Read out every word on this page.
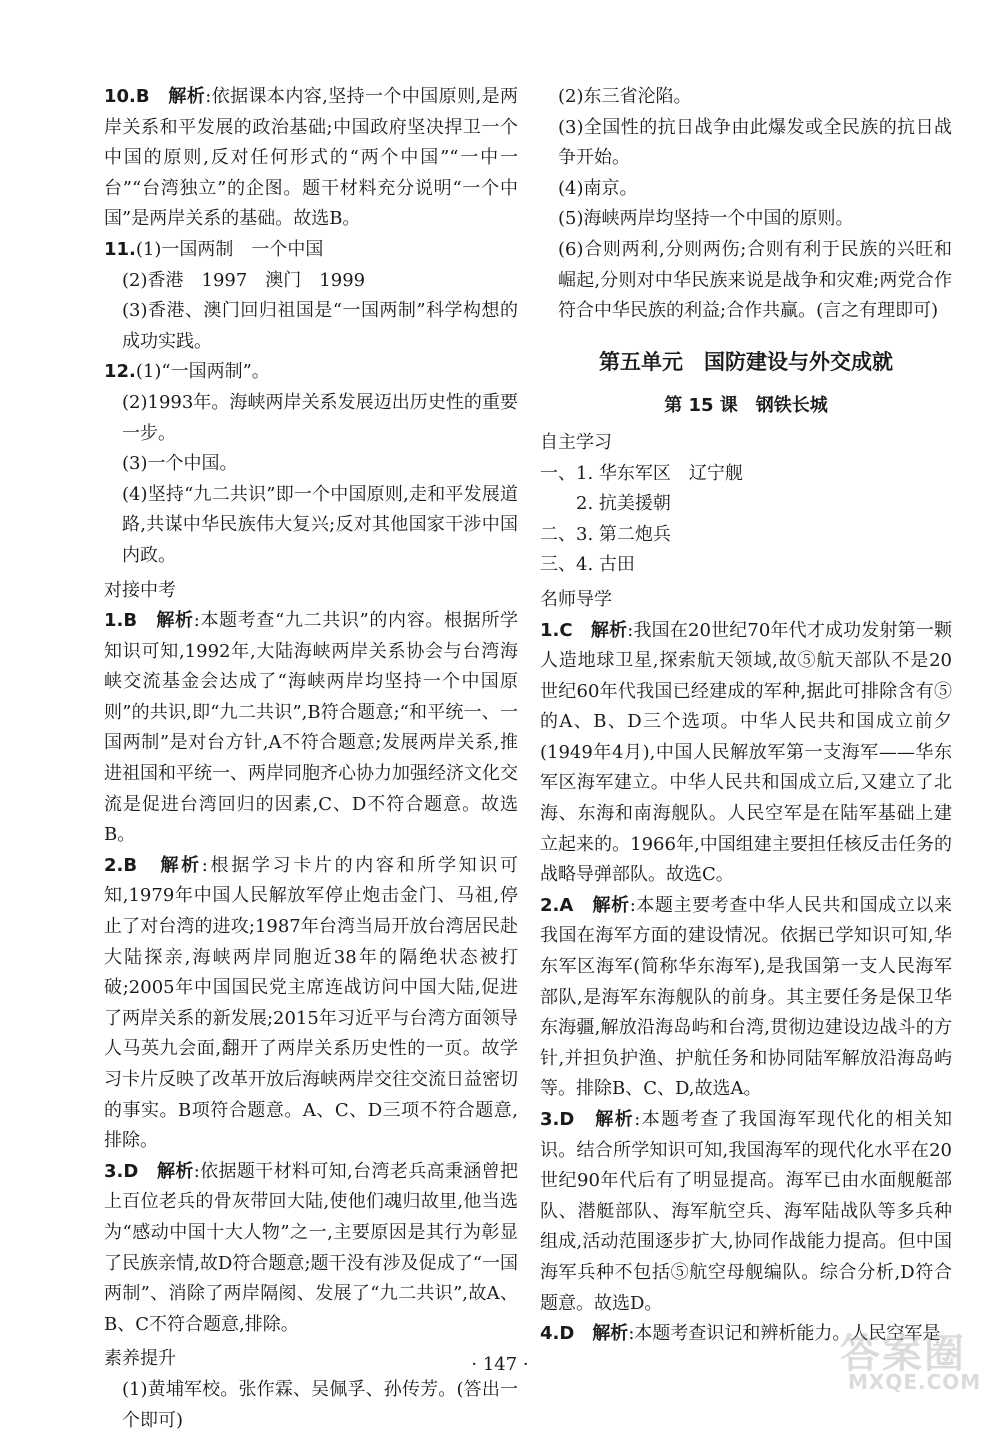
10.B　解析:依据课本内容,坚持一个中国原则,是两岸关系和平发展的政治基础;中国政府坚决捍卫一个中国的原则,反对任何形式的“两个中国”“一中一台”“台湾独立”的企图。题干材料充分说明“一个中国”是两岸关系的基础。故选B。

11.(1)一国两制　一个中国

(2)香港　1997　澳门　1999

(3)香港、澳门回归祖国是“一国两制”科学构想的成功实践。

12.(1)“一国两制”。

(2)1993年。海峡两岸关系发展迈出历史性的重要一步。

(3)一个中国。

(4)坚持“九二共识”即一个中国原则,走和平发展道路,共谋中华民族伟大复兴;反对其他国家干涉中国内政。

对接中考

1.B　解析:本题考查“九二共识”的内容。根据所学知识可知,1992年,大陆海峡两岸关系协会与台湾海峡交流基金会达成了“海峡两岸均坚持一个中国原则”的共识,即“九二共识”,B符合题意;“和平统一、一国两制”是对台方针,A不符合题意;发展两岸关系,推进祖国和平统一、两岸同胞齐心协力加强经济文化交流是促进台湾回归的因素,C、D不符合题意。故选B。

2.B　解析:根据学习卡片的内容和所学知识可知,1979年中国人民解放军停止炮击金门、马祖,停止了对台湾的进攻;1987年台湾当局开放台湾居民赴大陆探亲,海峡两岸同胞近38年的隔绝状态被打破;2005年中国国民党主席连战访问中国大陆,促进了两岸关系的新发展;2015年习近平与台湾方面领导人马英九会面,翻开了两岸关系历史性的一页。故学习卡片反映了改革开放后海峡两岸交往交流日益密切的事实。B项符合题意。A、C、D三项不符合题意,排除。

3.D　解析:依据题干材料可知,台湾老兵高秉涵曾把上百位老兵的骨灰带回大陆,使他们魂归故里,他当选为“感动中国十大人物”之一,主要原因是其行为彰显了民族亲情,故D符合题意;题干没有涉及促成了“一国两制”、消除了两岸隔阂、发展了“九二共识”,故A、B、C不符合题意,排除。

素养提升

(1)黄埔军校。张作霖、吴佩孚、孙传芳。(答出一个即可)

(2)东三省沦陷。

(3)全国性的抗日战争由此爆发或全民族的抗日战争开始。

(4)南京。

(5)海峡两岸均坚持一个中国的原则。

(6)合则两利,分则两伤;合则有利于民族的兴旺和崛起,分则对中华民族来说是战争和灾难;两党合作符合中华民族的利益;合作共赢。(言之有理即可)

第五单元　国防建设与外交成就

第 15 课　钢铁长城

自主学习

一、1. 华东军区　辽宁舰

2. 抗美援朝

二、3. 第二炮兵

三、4. 古田

名师导学

1.C　解析:我国在20世纪70年代才成功发射第一颗人造地球卫星,探索航天领域,故⑤航天部队不是20世纪60年代我国已经建成的军种,据此可排除含有⑤的A、B、D三个选项。中华人民共和国成立前夕(1949年4月),中国人民解放军第一支海军——华东军区海军建立。中华人民共和国成立后,又建立了北海、东海和南海舰队。人民空军是在陆军基础上建立起来的。1966年,中国组建主要担任核反击任务的战略导弹部队。故选C。

2.A　解析:本题主要考查中华人民共和国成立以来我国在海军方面的建设情况。依据已学知识可知,华东军区海军(简称华东海军),是我国第一支人民海军部队,是海军东海舰队的前身。其主要任务是保卫华东海疆,解放沿海岛屿和台湾,贯彻边建设边战斗的方针,并担负护渔、护航任务和协同陆军解放沿海岛屿等。排除B、C、D,故选A。

3.D　解析:本题考查了我国海军现代化的相关知识。结合所学知识可知,我国海军的现代化水平在20世纪90年代后有了明显提高。海军已由水面舰艇部队、潜艇部队、海军航空兵、海军陆战队等多兵种组成,活动范围逐步扩大,协同作战能力提高。但中国海军兵种不包括⑤航空母舰编队。综合分析,D符合题意。故选D。

4.D　解析:本题考查识记和辨析能力。人民空军是

· 147 ·	答案圈
MXQE.COM
